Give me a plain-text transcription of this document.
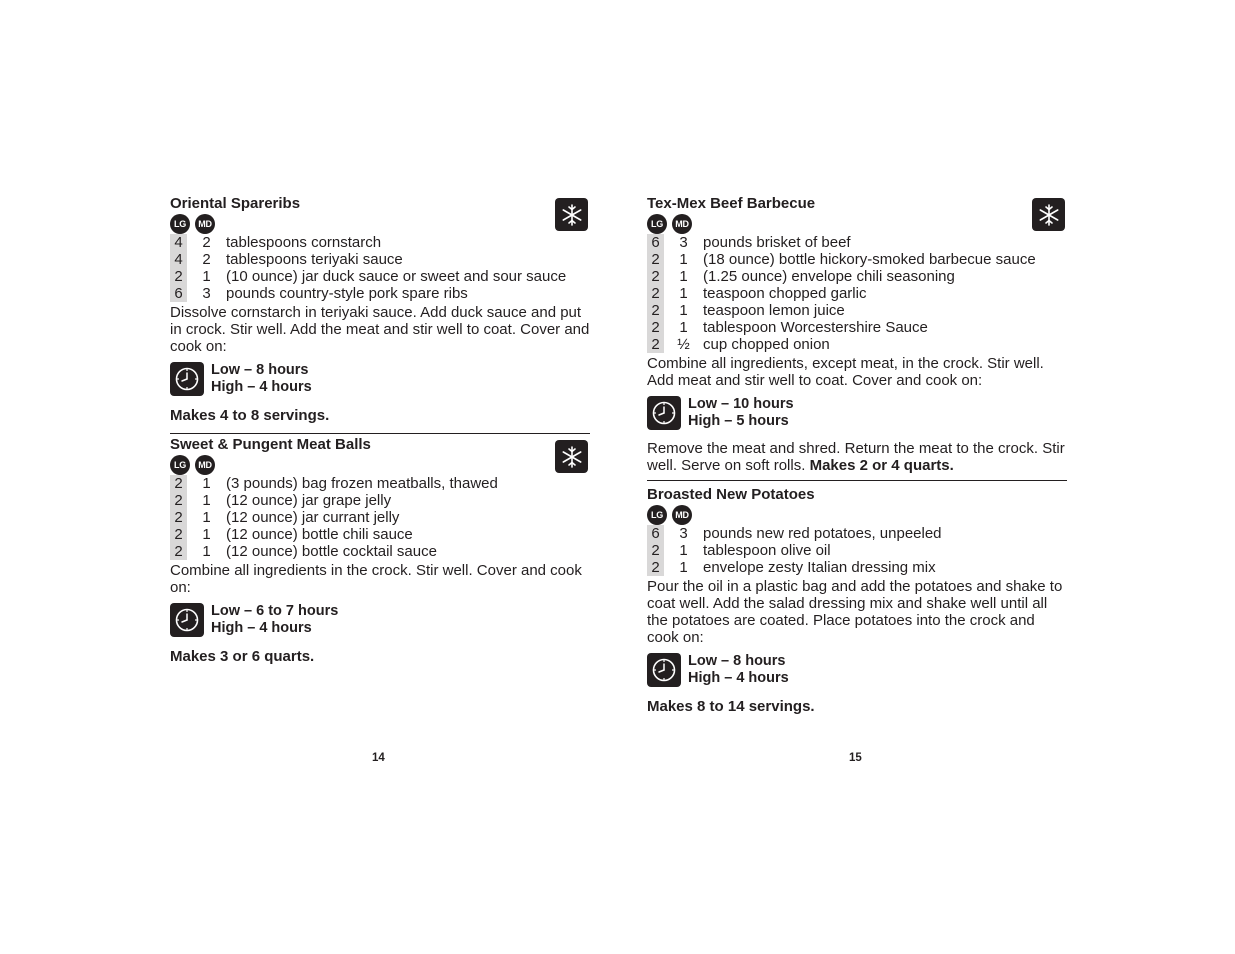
Oriental Spareribs
LG	MD
4	2	tablespoons cornstarch
4	2	tablespoons teriyaki sauce
2	1	(10 ounce) jar duck sauce or sweet and sour sauce
6	3	pounds country-style pork spare ribs

Dissolve cornstarch in teriyaki sauce. Add duck sauce and put in crock. Stir well. Add the meat and stir well to coat. Cover and cook on:

Low – 8 hours
High – 4 hours
Makes 4 to 8 servings.
Sweet & Pungent Meat Balls
LG	MD
2	1	(3 pounds) bag frozen meatballs, thawed
2	1	(12 ounce) jar grape jelly
2	1	(12 ounce) jar currant jelly
2	1	(12 ounce) bottle chili sauce
2	1	(12 ounce) bottle cocktail sauce

Combine all ingredients in the crock. Stir well. Cover and cook on:

Low – 6 to 7 hours
High – 4 hours
Makes 3 or 6 quarts.
Tex-Mex Beef Barbecue
LG	MD
6	3	pounds brisket of beef
2	1	(18 ounce) bottle hickory-smoked barbecue sauce
2	1	(1.25 ounce) envelope chili seasoning
2	1	teaspoon chopped garlic
2	1	teaspoon lemon juice
2	1	tablespoon Worcestershire Sauce
2	½ cup chopped onion

Combine all ingredients, except meat, in the crock. Stir well. Add meat and stir well to coat. Cover and cook on:

Low – 10 hours
High – 5 hours

Remove the meat and shred. Return the meat to the crock. Stir well. Serve on soft rolls. Makes 2 or 4 quarts.

Broasted New Potatoes
LG	MD
6	3	pounds new red potatoes, unpeeled
2	1	tablespoon olive oil
2	1	envelope zesty Italian dressing mix

Pour the oil in a plastic bag and add the potatoes and shake to coat well. Add the salad dressing mix and shake well until all the potatoes are coated. Place potatoes into the crock and cook on:

Low – 8 hours
High – 4 hours
Makes 8 to 14 servings.
14	15
